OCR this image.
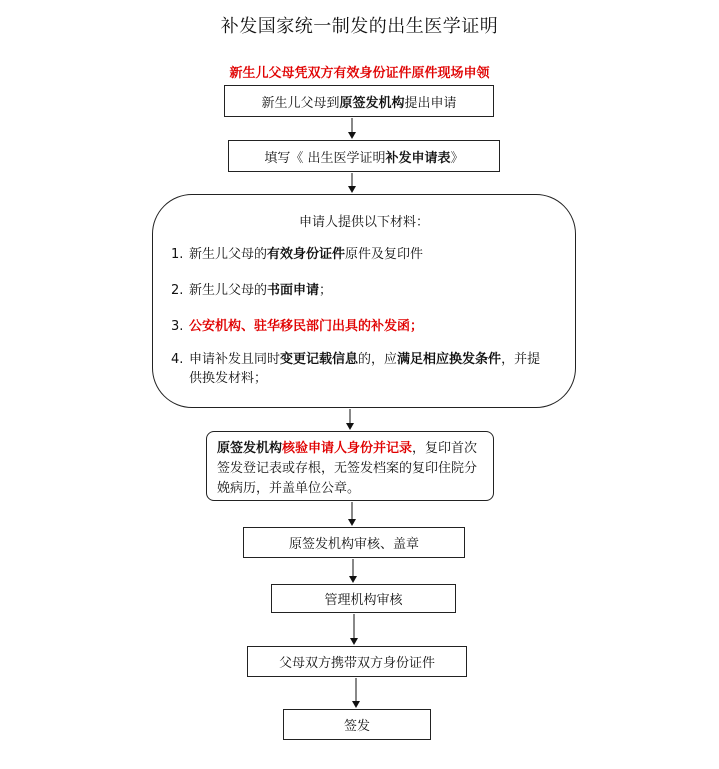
补发国家统一制发的出生医学证明
新生儿父母凭双方有效身份证件原件现场申领
新生儿父母到原签发机构提出申请
填写《 出生医学证明补发申请表》
申请人提供以下材料：
1. 新生儿父母的有效身份证件原件及复印件
2. 新生儿父母的书面申请；
3. 公安机构、驻华移民部门出具的补发函；
4. 申请补发且同时变更记载信息的，应满足相应换发条件，并提供换发材料；
原签发机构核验申请人身份并记录，复印首次签发登记表或存根，无签发档案的复印住院分娩病历，并盖单位公章。
原签发机构审核、盖章
管理机构审核
父母双方携带双方身份证件
签发
